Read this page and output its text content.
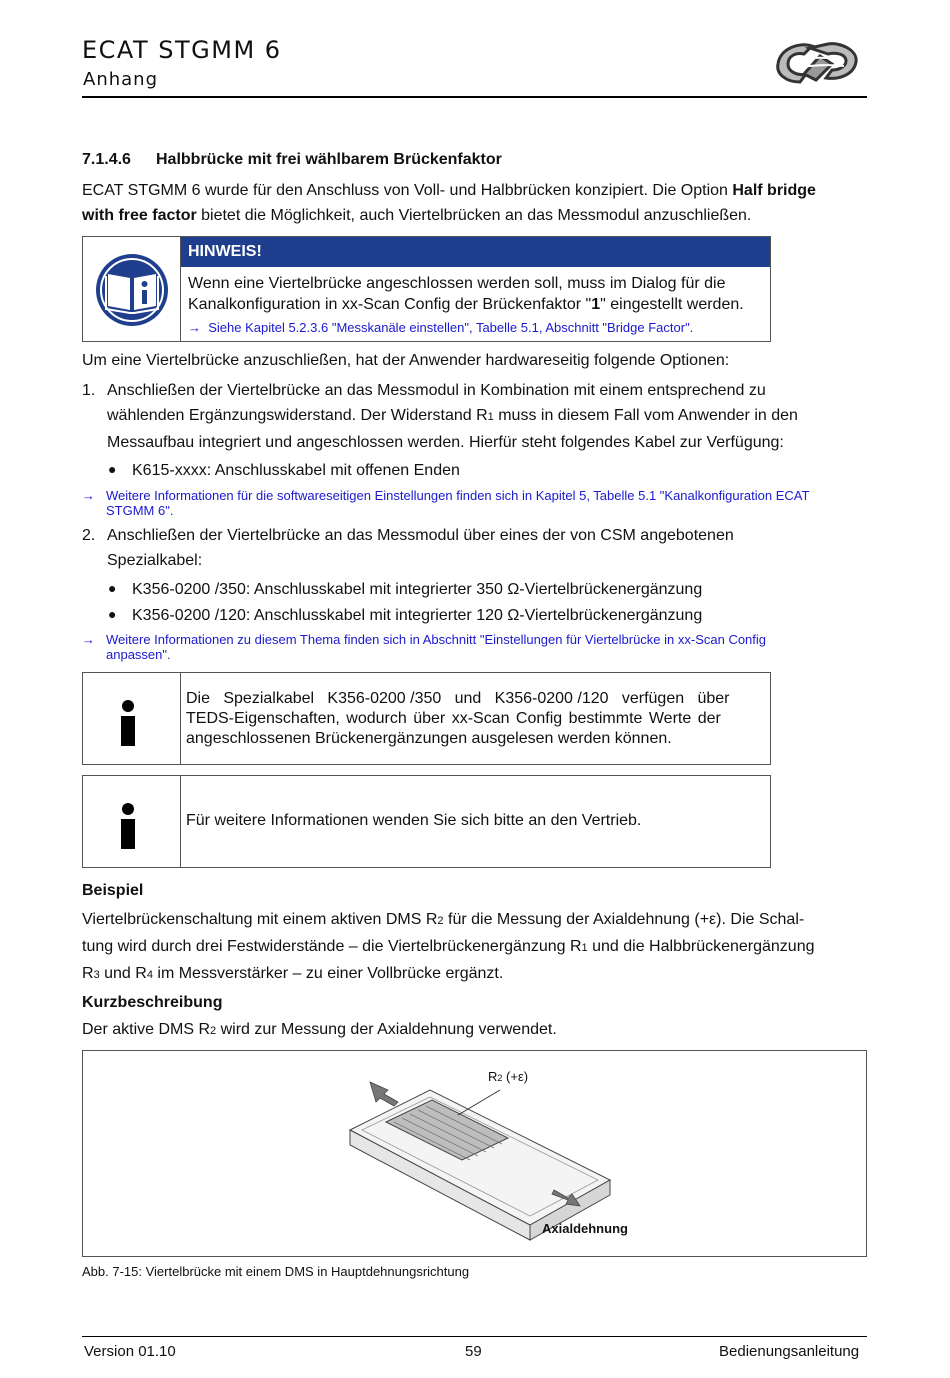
ECAT STGMM 6
Anhang
7.1.4.6 Halbbrücke mit frei wählbarem Brückenfaktor
ECAT STGMM 6 wurde für den Anschluss von Voll- und Halbbrücken konzipiert. Die Option Half bridge
with free factor bietet die Möglichkeit, auch Viertelbrücken an das Messmodul anzuschließen.
HINWEIS!
Wenn eine Viertelbrücke angeschlossen werden soll, muss im Dialog für die
Kanalkonfiguration in xx-Scan Config der Brückenfaktor "1" eingestellt werden.
→ Siehe Kapitel 5.2.3.6 "Messkanäle einstellen", Tabelle 5.1, Abschnitt "Bridge Factor".
Um eine Viertelbrücke anzuschließen, hat der Anwender hardwareseitig folgende Optionen:
1. Anschließen der Viertelbrücke an das Messmodul in Kombination mit einem entsprechend zu
wählenden Ergänzungswiderstand. Der Widerstand R1 muss in diesem Fall vom Anwender in den
Messaufbau integriert und angeschlossen werden. Hierfür steht folgendes Kabel zur Verfügung:
● K615-xxxx: Anschlusskabel mit offenen Enden
→ Weitere Informationen für die softwareseitigen Einstellungen finden sich in Kapitel 5, Tabelle 5.1 "Kanalkonfiguration ECAT
STGMM 6".
2. Anschließen der Viertelbrücke an das Messmodul über eines der von CSM angebotenen
Spezialkabel:
● K356-0200 /350: Anschlusskabel mit integrierter 350 Ω-Viertelbrückenergänzung
● K356-0200 /120: Anschlusskabel mit integrierter 120 Ω-Viertelbrückenergänzung
→ Weitere Informationen zu diesem Thema finden sich in Abschnitt "Einstellungen für Viertelbrücke in xx-Scan Config
anpassen".
Die   Spezialkabel   K356-0200 /350   und   K356-0200 /120   verfügen   über
TEDS-Eigenschaften, wodurch über xx-Scan Config bestimmte Werte der
angeschlossenen Brückenergänzungen ausgelesen werden können.
Für weitere Informationen wenden Sie sich bitte an den Vertrieb.
Beispiel
Viertelbrückenschaltung mit einem aktiven DMS R2 für die Messung der Axialdehnung (+ε). Die Schal-
tung wird durch drei Festwiderstände – die Viertelbrückenergänzung R1 und die Halbbrückenergänzung
R3 und R4 im Messverstärker – zu einer Vollbrücke ergänzt.
Kurzbeschreibung
Der aktive DMS R2 wird zur Messung der Axialdehnung verwendet.
R2 (+ε)
Axialdehnung
Abb. 7-15: Viertelbrücke mit einem DMS in Hauptdehnungsrichtung
Version 01.10	59	Bedienungsanleitung
